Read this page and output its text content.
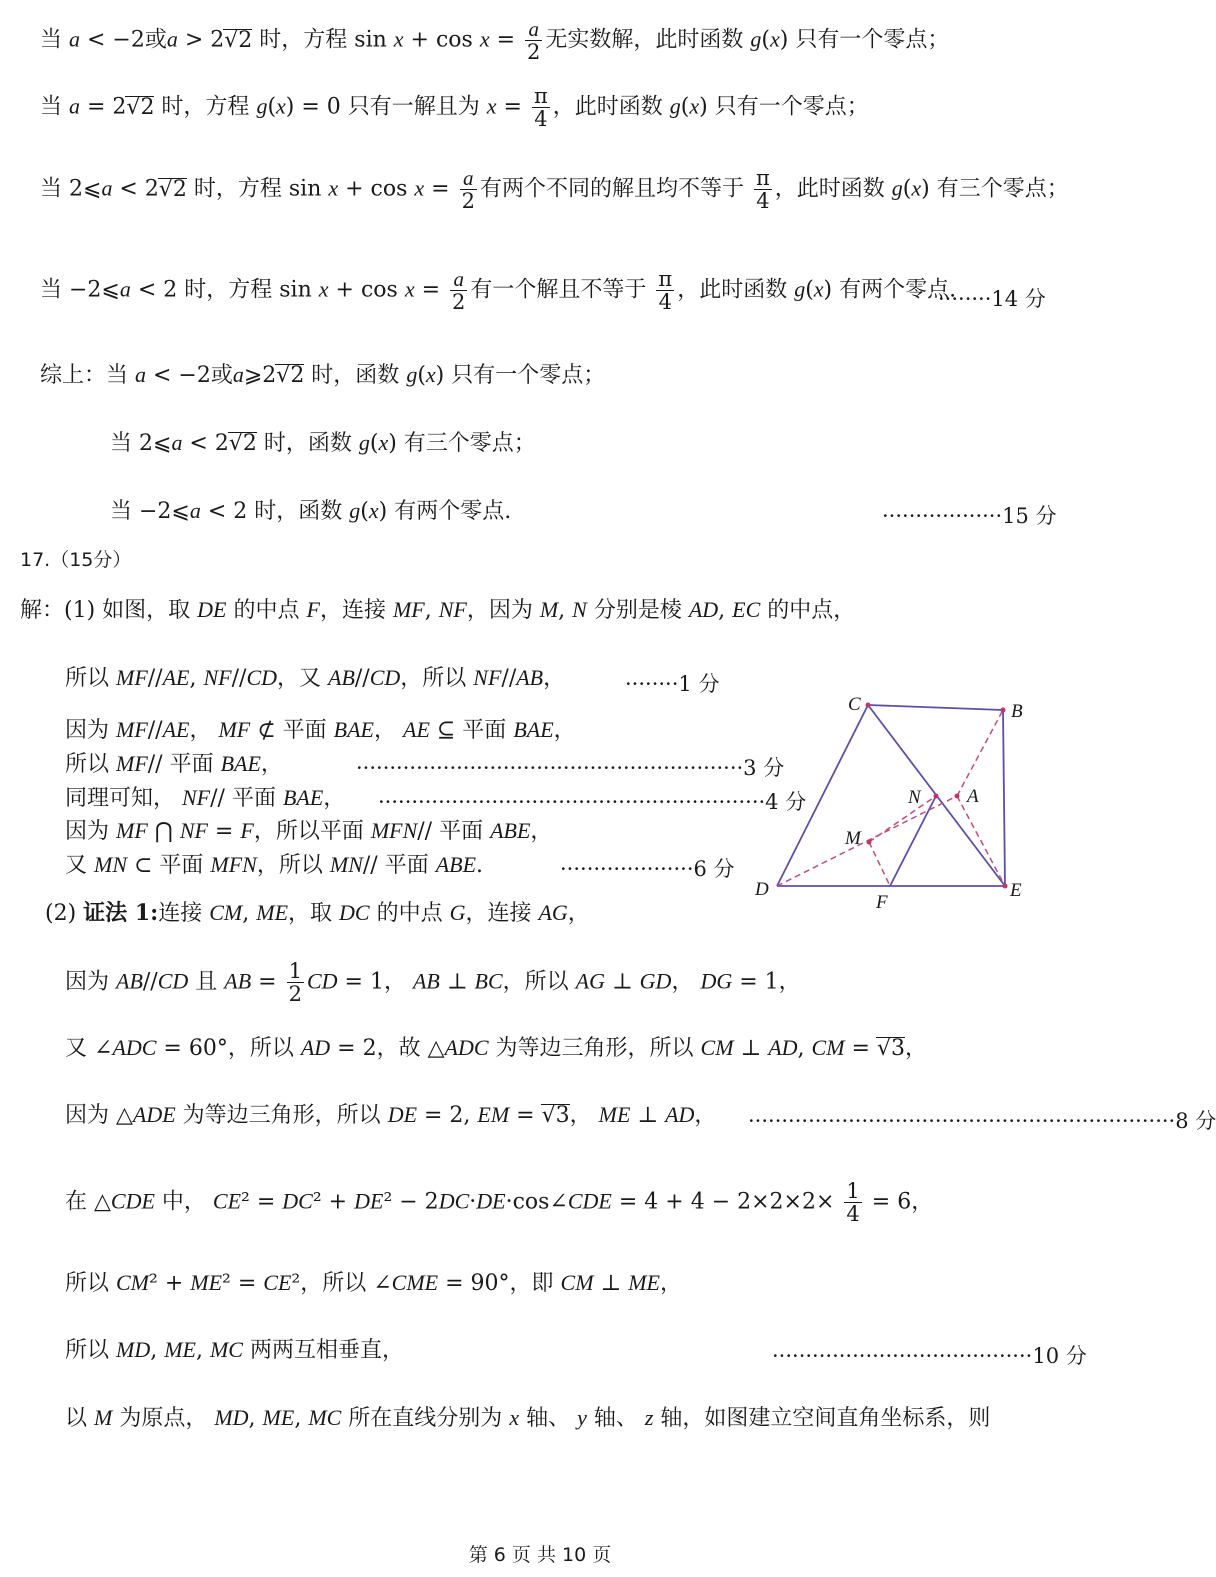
当 a < −2或a > 2√2 时，方程 $\sin x + \cos x = \frac{a}{2}$ 无实数解，此时函数 g(x) 只有一个零点；
当 a = 2√2 时，方程 g(x) = 0 只有一解且为 $x = \frac{\pi}{4}$ ，此时函数 g(x) 只有一个零点；
当 2⩽a < 2√2 时，方程 $\sin x + \cos x = \frac{a}{2}$ 有两个不同的解且均不等于 $\frac{\pi}{4}$ ，此时函数 g(x) 有三个零点；
当 −2⩽a < 2 时，方程 $\sin x + \cos x = \frac{a}{2}$ 有一个解且不等于 $\frac{\pi}{4}$ ，此时函数 g(x) 有两个零点.
········14 分
综上：当 a < −2或a⩾2√2 时，函数 g(x) 只有一个零点；
当 2⩽a < 2√2 时，函数 g(x) 有三个零点；
当 −2⩽a < 2 时，函数 g(x) 有两个零点.	··················15 分
17.（15分）
解：(1) 如图，取 DE 的中点 F，连接 MF, NF，因为 M, N 分别是棱 AD, EC 的中点，
所以 MF//AE, NF//CD，又 AB//CD，所以 NF//AB，	········1 分
因为 MF//AE， MF ⊄ 平面 BAE， AE ⊆ 平面 BAE，
所以 MF// 平面 BAE，	··························································3 分
同理可知， NF// 平面 BAE， ··························································4 分
因为 MF ⋂ NF = F，所以平面 MFN// 平面 ABE，
又 MN ⊂ 平面 MFN，所以 MN// 平面 ABE.	····················6 分
C	B
N A
M
D
F
E
(2) 证法 1:连接 CM, ME，取 DC 的中点 G，连接 AG，
因为 AB//CD 且 AB = $\frac{1}{2}$ CD = 1， AB ⊥ BC，所以 AG ⊥ GD， DG = 1，
又 ∠ADC = 60°，所以 AD = 2，故 △ADC 为等边三角形，所以 CM ⊥ AD, CM = √3，
因为 △ADE 为等边三角形，所以 DE = 2, EM = √3， ME ⊥ AD， ································································8 分
在 △CDE 中， CE² = DC² + DE² − 2DC·DE·cos∠CDE = $4 + 4 - 2\times 2\times 2\times \frac{1}{4} = 6$，
所以 CM² + ME² = CE²，所以 ∠CME = 90°，即 CM ⊥ ME，
所以 MD, ME, MC 两两互相垂直，	·······································10 分
以 M 为原点， MD, ME, MC 所在直线分别为 x 轴、 y 轴、 z 轴，如图建立空间直角坐标系，则
第 6 页 共 10 页
